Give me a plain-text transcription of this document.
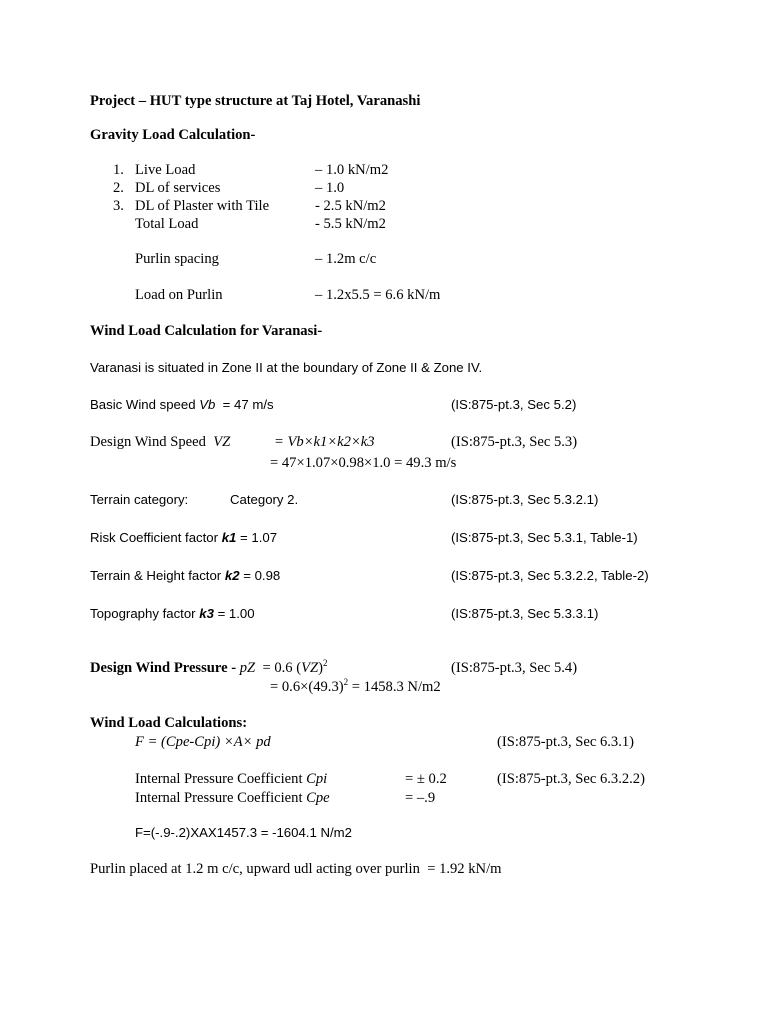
Project – HUT type structure at Taj Hotel, Varanashi
Gravity Load Calculation-
1. Live Load	– 1.0 kN/m2
2. DL of services	– 1.0
3. DL of Plaster with Tile	- 2.5 kN/m2
Total Load	- 5.5 kN/m2
Purlin spacing	– 1.2m c/c
Load on Purlin	– 1.2x5.5 = 6.6 kN/m
Wind Load Calculation for Varanasi-
Varanasi is situated in Zone II at the boundary of Zone II & Zone IV.
Basic Wind speed Vb  = 47 m/s	(IS:875-pt.3, Sec 5.2)
Design Wind Speed  VZ	= Vb×k1×k2×k3	(IS:875-pt.3, Sec 5.3)
= 47×1.07×0.98×1.0 = 49.3 m/s
Terrain category:	Category 2.	(IS:875-pt.3, Sec 5.3.2.1)
Risk Coefficient factor k1 = 1.07	(IS:875-pt.3, Sec 5.3.1, Table-1)
Terrain & Height factor k2 = 0.98	(IS:875-pt.3, Sec 5.3.2.2, Table-2)
Topography factor k3 = 1.00	(IS:875-pt.3, Sec 5.3.3.1)
Design Wind Pressure - pZ  = 0.6 (VZ)$^2$	(IS:875-pt.3, Sec 5.4)
= $0.6\times(49.3)^2 = 1458.3$ N/m2
Wind Load Calculations:
F = (Cpe-Cpi) ×A× pd	(IS:875-pt.3, Sec 6.3.1)
Internal Pressure Coefficient Cpi	= ± 0.2	(IS:875-pt.3, Sec 6.3.2.2)
Internal Pressure Coefficient Cpe	= –.9
F=(-.9-.2)XAX1457.3 = -1604.1 N/m2
Purlin placed at 1.2 m c/c, upward udl acting over purlin  = 1.92 kN/m
